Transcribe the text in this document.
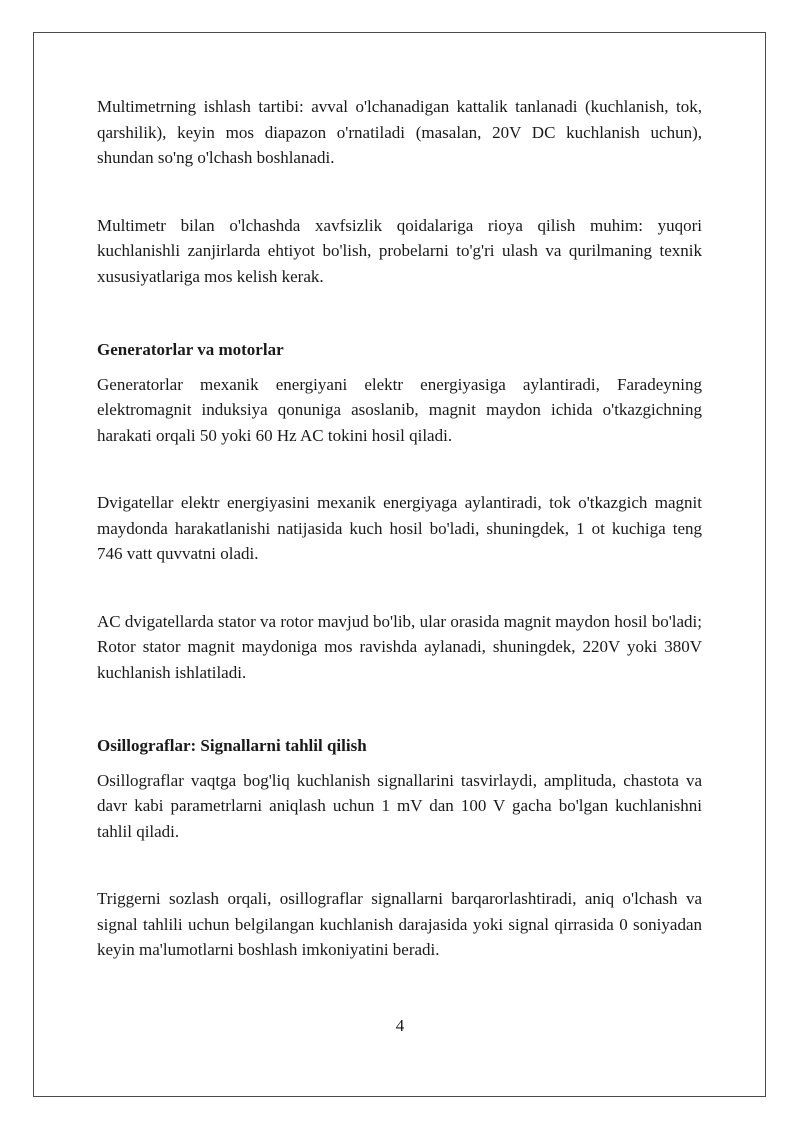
Multimetrning ishlash tartibi: avval o'lchanadigan kattalik tanlanadi (kuchlanish, tok, qarshilik), keyin mos diapazon o'rnatiladi (masalan, 20V DC kuchlanish uchun), shundan so'ng o'lchash boshlanadi.

Multimetr bilan o'lchashda xavfsizlik qoidalariga rioya qilish muhim: yuqori kuchlanishli zanjirlarda ehtiyot bo'lish, probelarni to'g'ri ulash va qurilmaning texnik xususiyatlariga mos kelish kerak.

Generatorlar va motorlar

Generatorlar mexanik energiyani elektr energiyasiga aylantiradi, Faradeyning elektromagnit induksiya qonuniga asoslanib, magnit maydon ichida o'tkazgichning harakati orqali 50 yoki 60 Hz AC tokini hosil qiladi.

Dvigatellar elektr energiyasini mexanik energiyaga aylantiradi, tok o'tkazgich magnit maydonda harakatlanishi natijasida kuch hosil bo'ladi, shuningdek, 1 ot kuchiga teng 746 vatt quvvatni oladi.

AC dvigatellarda stator va rotor mavjud bo'lib, ular orasida magnit maydon hosil bo'ladi; Rotor stator magnit maydoniga mos ravishda aylanadi, shuningdek, 220V yoki 380V kuchlanish ishlatiladi.

Osillograflar: Signallarni tahlil qilish

Osillograflar vaqtga bog'liq kuchlanish signallarini tasvirlaydi, amplituda, chastota va davr kabi parametrlarni aniqlash uchun 1 mV dan 100 V gacha bo'lgan kuchlanishni tahlil qiladi.

Triggerni sozlash orqali, osillograflar signallarni barqarorlashtiradi, aniq o'lchash va signal tahlili uchun belgilangan kuchlanish darajasida yoki signal qirrasida 0 soniyadan keyin ma'lumotlarni boshlash imkoniyatini beradi.

4
